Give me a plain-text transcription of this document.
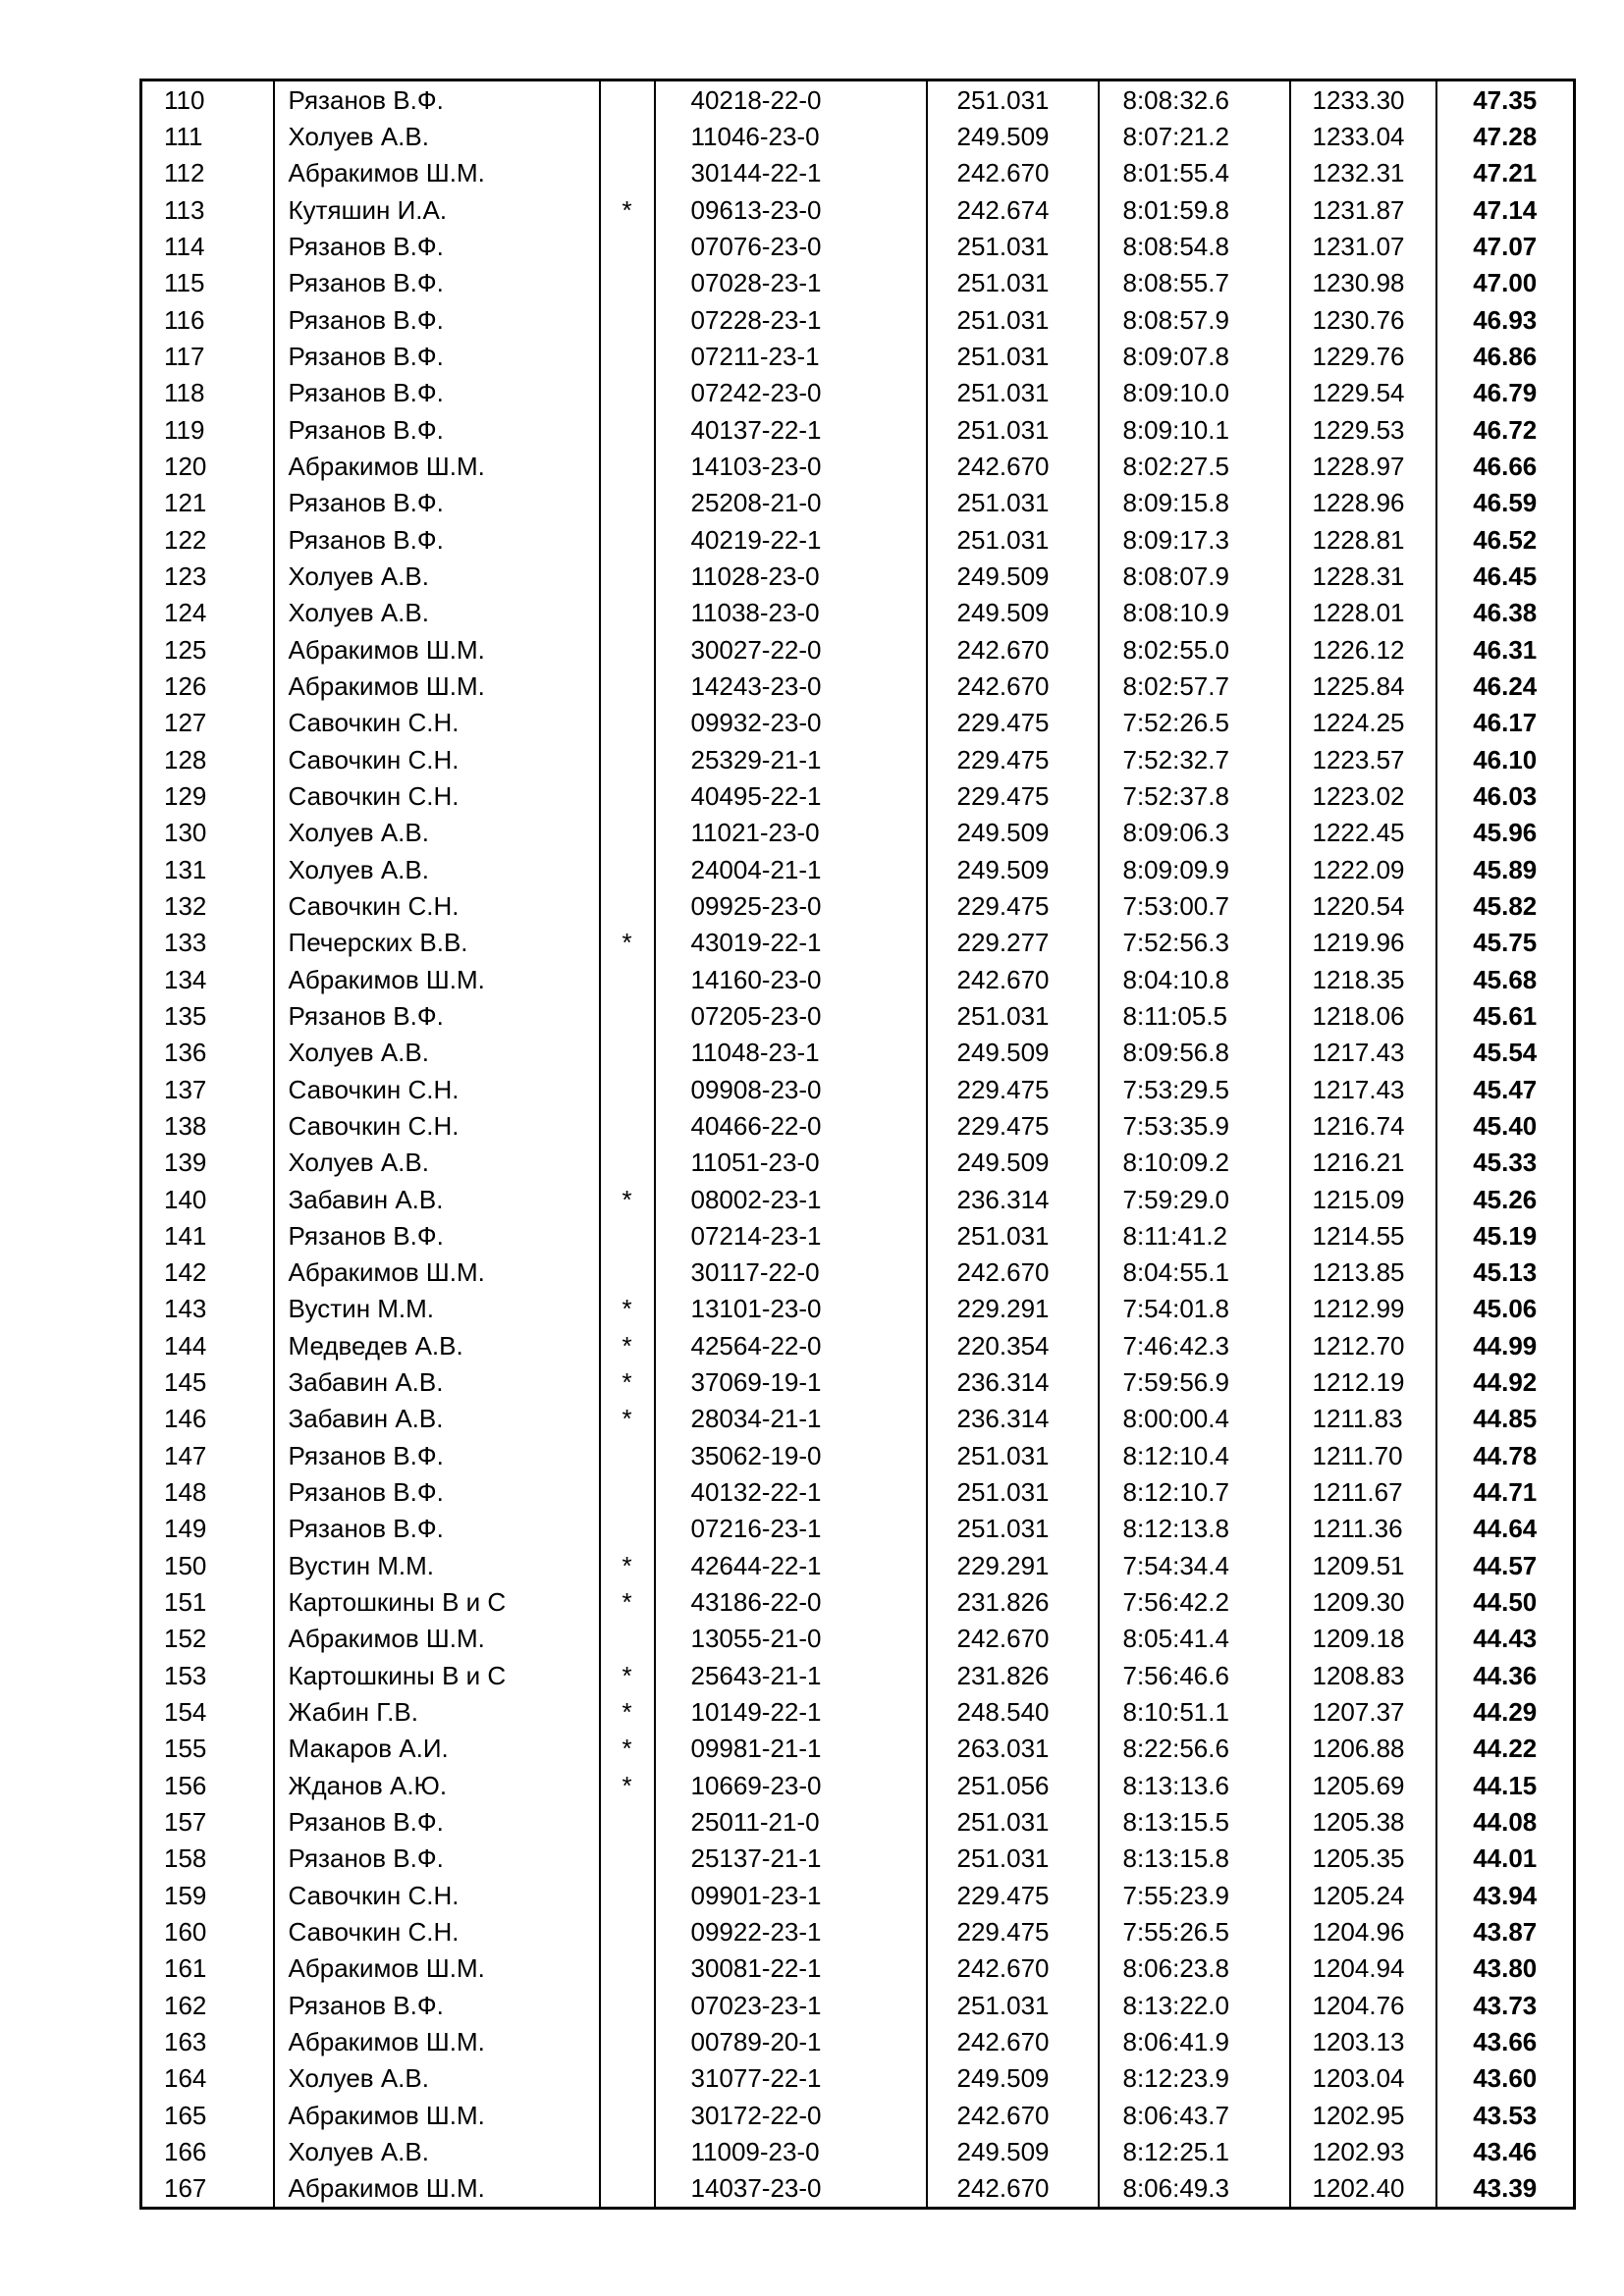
110	Рязанов В.Ф.		40218-22-0	251.031	8:08:32.6	1233.30	47.35
111	Холуев А.В.		11046-23-0	249.509	8:07:21.2	1233.04	47.28
112	Абракимов Ш.М.		30144-22-1	242.670	8:01:55.4	1232.31	47.21
113	Кутяшин И.А.	*	09613-23-0	242.674	8:01:59.8	1231.87	47.14
114	Рязанов В.Ф.		07076-23-0	251.031	8:08:54.8	1231.07	47.07
115	Рязанов В.Ф.		07028-23-1	251.031	8:08:55.7	1230.98	47.00
116	Рязанов В.Ф.		07228-23-1	251.031	8:08:57.9	1230.76	46.93
117	Рязанов В.Ф.		07211-23-1	251.031	8:09:07.8	1229.76	46.86
118	Рязанов В.Ф.		07242-23-0	251.031	8:09:10.0	1229.54	46.79
119	Рязанов В.Ф.		40137-22-1	251.031	8:09:10.1	1229.53	46.72
120	Абракимов Ш.М.		14103-23-0	242.670	8:02:27.5	1228.97	46.66
121	Рязанов В.Ф.		25208-21-0	251.031	8:09:15.8	1228.96	46.59
122	Рязанов В.Ф.		40219-22-1	251.031	8:09:17.3	1228.81	46.52
123	Холуев А.В.		11028-23-0	249.509	8:08:07.9	1228.31	46.45
124	Холуев А.В.		11038-23-0	249.509	8:08:10.9	1228.01	46.38
125	Абракимов Ш.М.		30027-22-0	242.670	8:02:55.0	1226.12	46.31
126	Абракимов Ш.М.		14243-23-0	242.670	8:02:57.7	1225.84	46.24
127	Савочкин С.Н.		09932-23-0	229.475	7:52:26.5	1224.25	46.17
128	Савочкин С.Н.		25329-21-1	229.475	7:52:32.7	1223.57	46.10
129	Савочкин С.Н.		40495-22-1	229.475	7:52:37.8	1223.02	46.03
130	Холуев А.В.		11021-23-0	249.509	8:09:06.3	1222.45	45.96
131	Холуев А.В.		24004-21-1	249.509	8:09:09.9	1222.09	45.89
132	Савочкин С.Н.		09925-23-0	229.475	7:53:00.7	1220.54	45.82
133	Печерских В.В.	*	43019-22-1	229.277	7:52:56.3	1219.96	45.75
134	Абракимов Ш.М.		14160-23-0	242.670	8:04:10.8	1218.35	45.68
135	Рязанов В.Ф.		07205-23-0	251.031	8:11:05.5	1218.06	45.61
136	Холуев А.В.		11048-23-1	249.509	8:09:56.8	1217.43	45.54
137	Савочкин С.Н.		09908-23-0	229.475	7:53:29.5	1217.43	45.47
138	Савочкин С.Н.		40466-22-0	229.475	7:53:35.9	1216.74	45.40
139	Холуев А.В.		11051-23-0	249.509	8:10:09.2	1216.21	45.33
140	Забавин А.В.	*	08002-23-1	236.314	7:59:29.0	1215.09	45.26
141	Рязанов В.Ф.		07214-23-1	251.031	8:11:41.2	1214.55	45.19
142	Абракимов Ш.М.		30117-22-0	242.670	8:04:55.1	1213.85	45.13
143	Вустин М.М.	*	13101-23-0	229.291	7:54:01.8	1212.99	45.06
144	Медведев А.В.	*	42564-22-0	220.354	7:46:42.3	1212.70	44.99
145	Забавин А.В.	*	37069-19-1	236.314	7:59:56.9	1212.19	44.92
146	Забавин А.В.	*	28034-21-1	236.314	8:00:00.4	1211.83	44.85
147	Рязанов В.Ф.		35062-19-0	251.031	8:12:10.4	1211.70	44.78
148	Рязанов В.Ф.		40132-22-1	251.031	8:12:10.7	1211.67	44.71
149	Рязанов В.Ф.		07216-23-1	251.031	8:12:13.8	1211.36	44.64
150	Вустин М.М.	*	42644-22-1	229.291	7:54:34.4	1209.51	44.57
151	Картошкины В и С	*	43186-22-0	231.826	7:56:42.2	1209.30	44.50
152	Абракимов Ш.М.		13055-21-0	242.670	8:05:41.4	1209.18	44.43
153	Картошкины В и С	*	25643-21-1	231.826	7:56:46.6	1208.83	44.36
154	Жабин Г.В.	*	10149-22-1	248.540	8:10:51.1	1207.37	44.29
155	Макаров А.И.	*	09981-21-1	263.031	8:22:56.6	1206.88	44.22
156	Жданов А.Ю.	*	10669-23-0	251.056	8:13:13.6	1205.69	44.15
157	Рязанов В.Ф.		25011-21-0	251.031	8:13:15.5	1205.38	44.08
158	Рязанов В.Ф.		25137-21-1	251.031	8:13:15.8	1205.35	44.01
159	Савочкин С.Н.		09901-23-1	229.475	7:55:23.9	1205.24	43.94
160	Савочкин С.Н.		09922-23-1	229.475	7:55:26.5	1204.96	43.87
161	Абракимов Ш.М.		30081-22-1	242.670	8:06:23.8	1204.94	43.80
162	Рязанов В.Ф.		07023-23-1	251.031	8:13:22.0	1204.76	43.73
163	Абракимов Ш.М.		00789-20-1	242.670	8:06:41.9	1203.13	43.66
164	Холуев А.В.		31077-22-1	249.509	8:12:23.9	1203.04	43.60
165	Абракимов Ш.М.		30172-22-0	242.670	8:06:43.7	1202.95	43.53
166	Холуев А.В.		11009-23-0	249.509	8:12:25.1	1202.93	43.46
167	Абракимов Ш.М.		14037-23-0	242.670	8:06:49.3	1202.40	43.39
